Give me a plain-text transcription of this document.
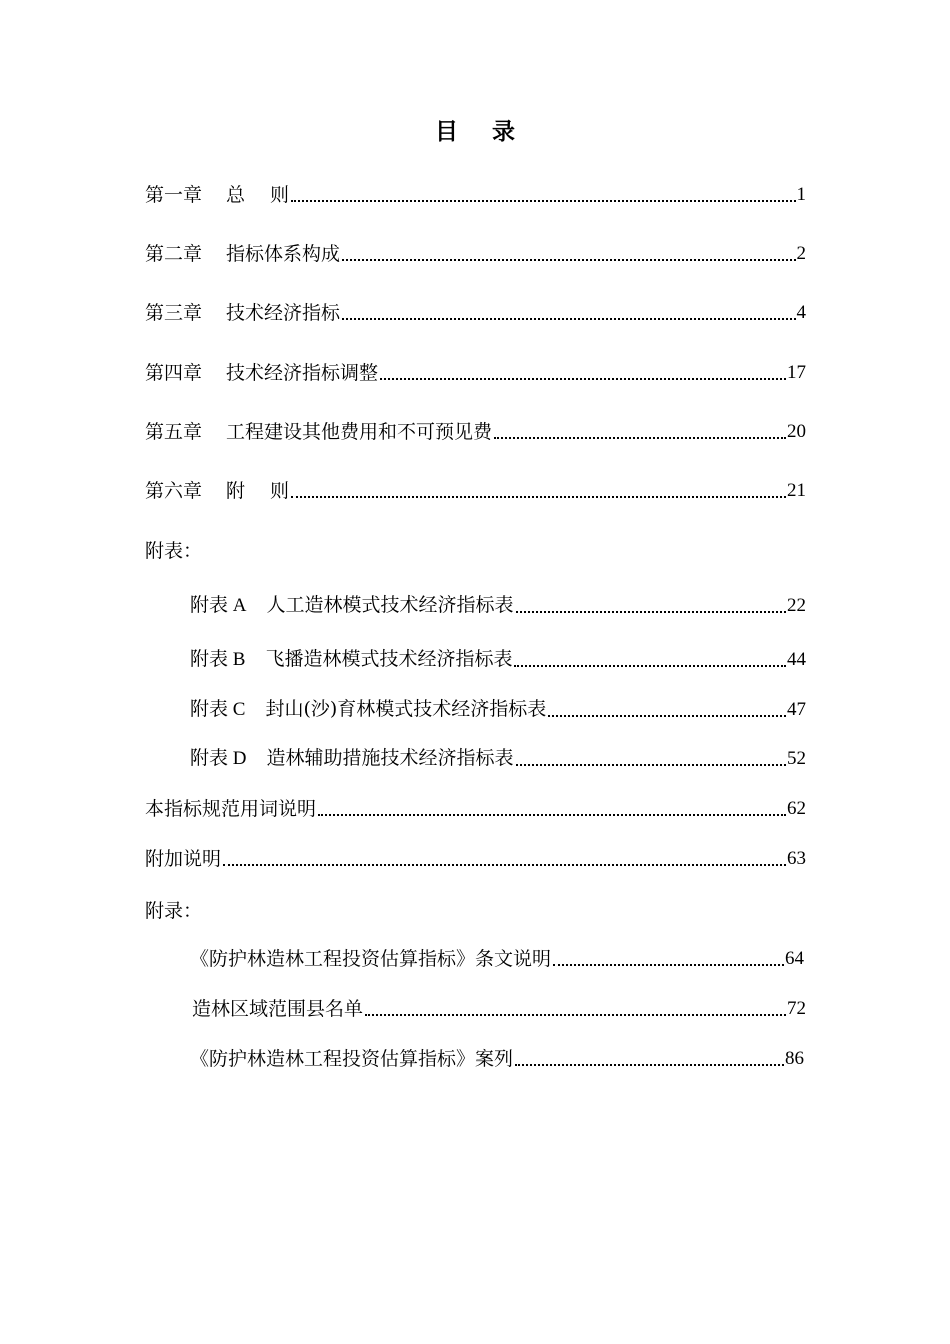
目 录
第一章 总　 则	1
第二章 指标体系构成	2
第三章 技术经济指标	4
第四章 技术经济指标调整	17
第五章 工程建设其他费用和不可预见费	20
第六章 附　 则	21
附表：
附表 A 人工造林模式技术经济指标表	22
附表 B 飞播造林模式技术经济指标表	44
附表 C 封山(沙)育林模式技术经济指标表	47
附表 D 造林辅助措施技术经济指标表	52
本指标规范用词说明	62
附加说明	63
附录：
《防护林造林工程投资估算指标》条文说明	64
造林区域范围县名单	72
《防护林造林工程投资估算指标》案列	86
